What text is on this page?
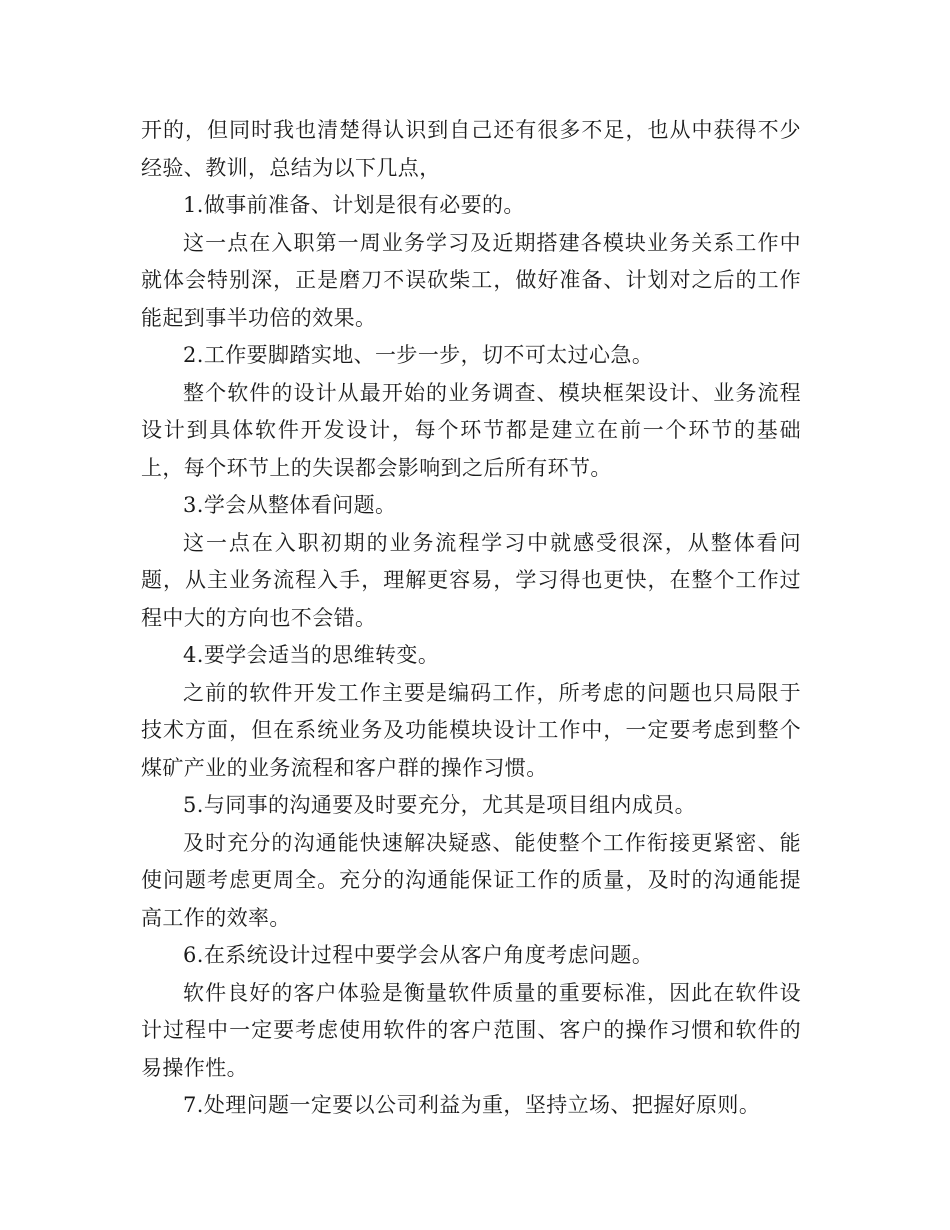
开的，但同时我也清楚得认识到自己还有很多不足，也从中获得不少经验、教训，总结为以下几点，

1.做事前准备、计划是很有必要的。

这一点在入职第一周业务学习及近期搭建各模块业务关系工作中就体会特别深，正是磨刀不误砍柴工，做好准备、计划对之后的工作能起到事半功倍的效果。

2.工作要脚踏实地、一步一步，切不可太过心急。

整个软件的设计从最开始的业务调查、模块框架设计、业务流程设计到具体软件开发设计，每个环节都是建立在前一个环节的基础上，每个环节上的失误都会影响到之后所有环节。

3.学会从整体看问题。

这一点在入职初期的业务流程学习中就感受很深，从整体看问题，从主业务流程入手，理解更容易，学习得也更快，在整个工作过程中大的方向也不会错。

4.要学会适当的思维转变。

之前的软件开发工作主要是编码工作，所考虑的问题也只局限于技术方面，但在系统业务及功能模块设计工作中，一定要考虑到整个煤矿产业的业务流程和客户群的操作习惯。

5.与同事的沟通要及时要充分，尤其是项目组内成员。

及时充分的沟通能快速解决疑惑、能使整个工作衔接更紧密、能使问题考虑更周全。充分的沟通能保证工作的质量，及时的沟通能提高工作的效率。

6.在系统设计过程中要学会从客户角度考虑问题。

软件良好的客户体验是衡量软件质量的重要标准，因此在软件设计过程中一定要考虑使用软件的客户范围、客户的操作习惯和软件的易操作性。

7.处理问题一定要以公司利益为重，坚持立场、把握好原则。
